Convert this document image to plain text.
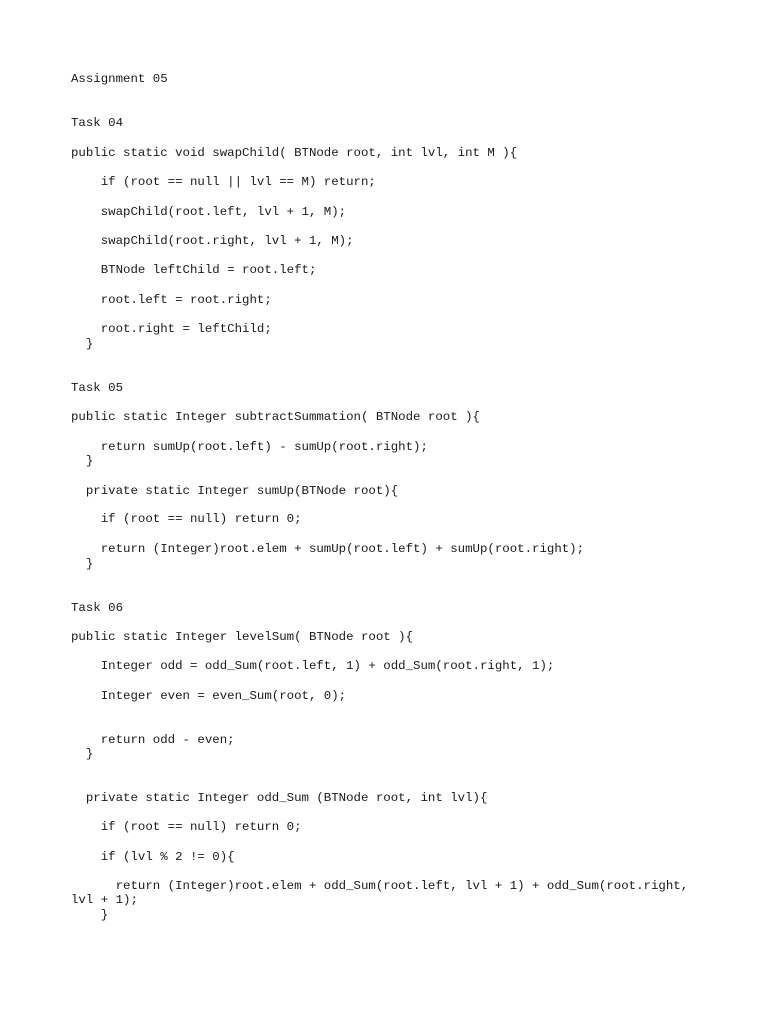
Assignment 05

Task 04

public static void swapChild( BTNode root, int lvl, int M ){

if (root == null || lvl == M) return;

swapChild(root.left, lvl + 1, M);

swapChild(root.right, lvl + 1, M);

BTNode leftChild = root.left;

root.left = root.right;

root.right = leftChild;

}

Task 05

public static Integer subtractSummation( BTNode root ){

return sumUp(root.left) - sumUp(root.right);

}

private static Integer sumUp(BTNode root){

if (root == null) return 0;

return (Integer)root.elem + sumUp(root.left) + sumUp(root.right);

}

Task 06

public static Integer levelSum( BTNode root ){

Integer odd = odd_Sum(root.left, 1) + odd_Sum(root.right, 1);

Integer even = even_Sum(root, 0);

return odd - even;

}

private static Integer odd_Sum (BTNode root, int lvl){

if (root == null) return 0;

if (lvl % 2 != 0){

return (Integer)root.elem + odd_Sum(root.left, lvl + 1) + odd_Sum(root.right,

lvl + 1);

}
